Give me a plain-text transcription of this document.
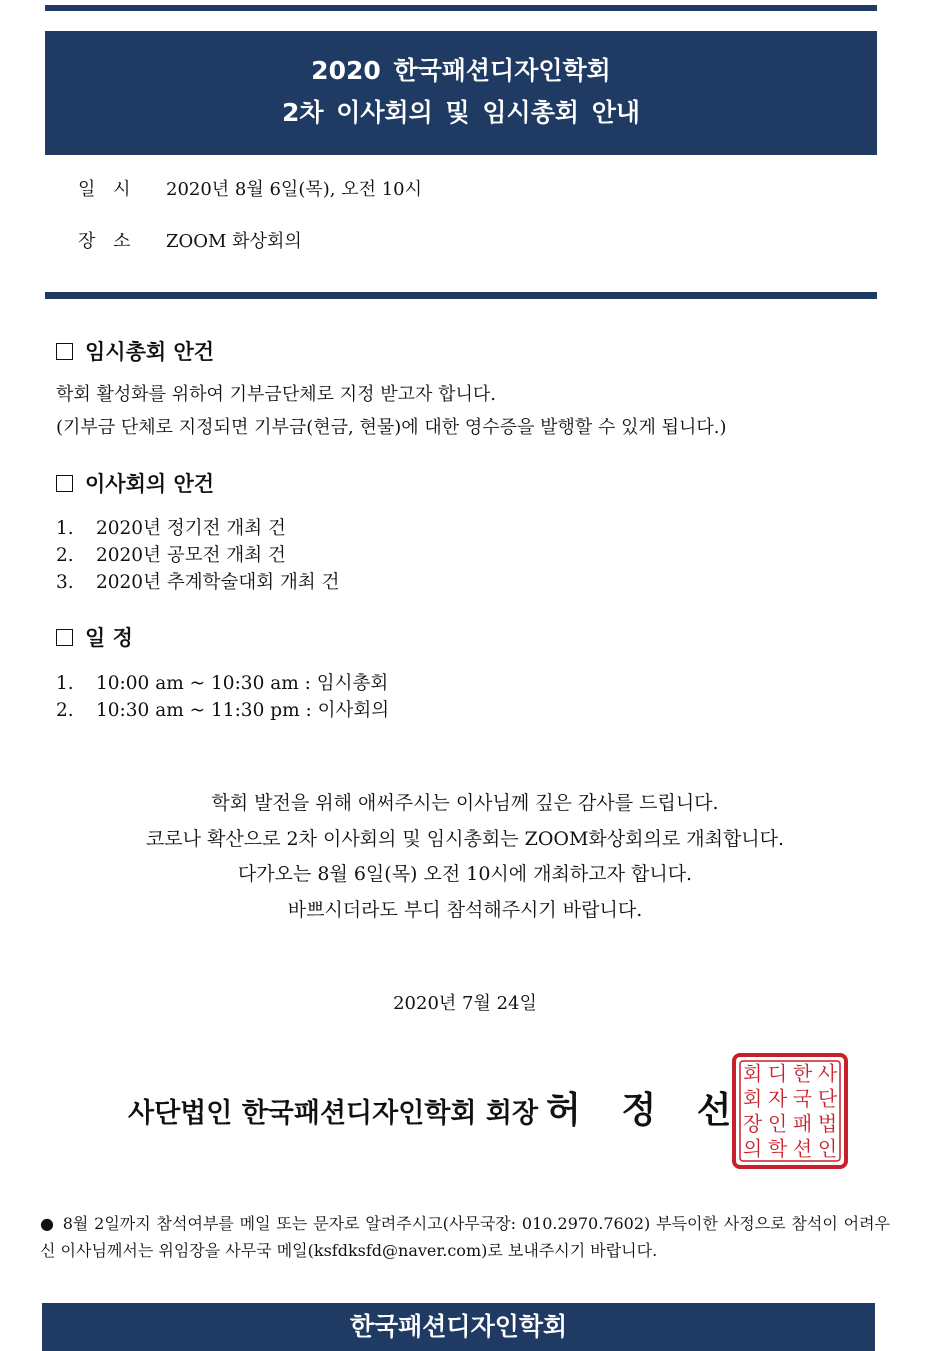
2020 한국패션디자인학회
2차 이사회의 및 임시총회 안내
일 시 2020년 8월 6일(목), 오전 10시
장 소 ZOOM 화상회의
임시총회 안건
학회 활성화를 위하여 기부금단체로 지정 받고자 합니다.
(기부금 단체로 지정되면 기부금(현금, 현물)에 대한 영수증을 발행할 수 있게 됩니다.)
이사회의 안건
1. 2020년 정기전 개최 건
2. 2020년 공모전 개최 건
3. 2020년 추계학술대회 개최 건
일 정
1. 10:00 am ~ 10:30 am : 임시총회
2. 10:30 am ~ 11:30 pm : 이사회의
학회 발전을 위해 애써주시는 이사님께 깊은 감사를 드립니다.
코로나 확산으로 2차 이사회의 및 임시총회는 ZOOM화상회의로 개최합니다.
다가오는 8월 6일(목) 오전 10시에 개최하고자 합니다.
바쁘시더라도 부디 참석해주시기 바랍니다.
2020년 7월 24일
사단법인 한국패션디자인학회 회장 허 정 선
사
단
법
인
한
국
패
션
디
자
인
학
회
회
장
의
● 8월 2일까지 참석여부를 메일 또는 문자로 알려주시고(사무국장: 010.2970.7602) 부득이한 사정으로 참석이 어려우신 이사님께서는 위임장을 사무국 메일(ksfdksfd@naver.com)로 보내주시기 바랍니다.
한국패션디자인학회
